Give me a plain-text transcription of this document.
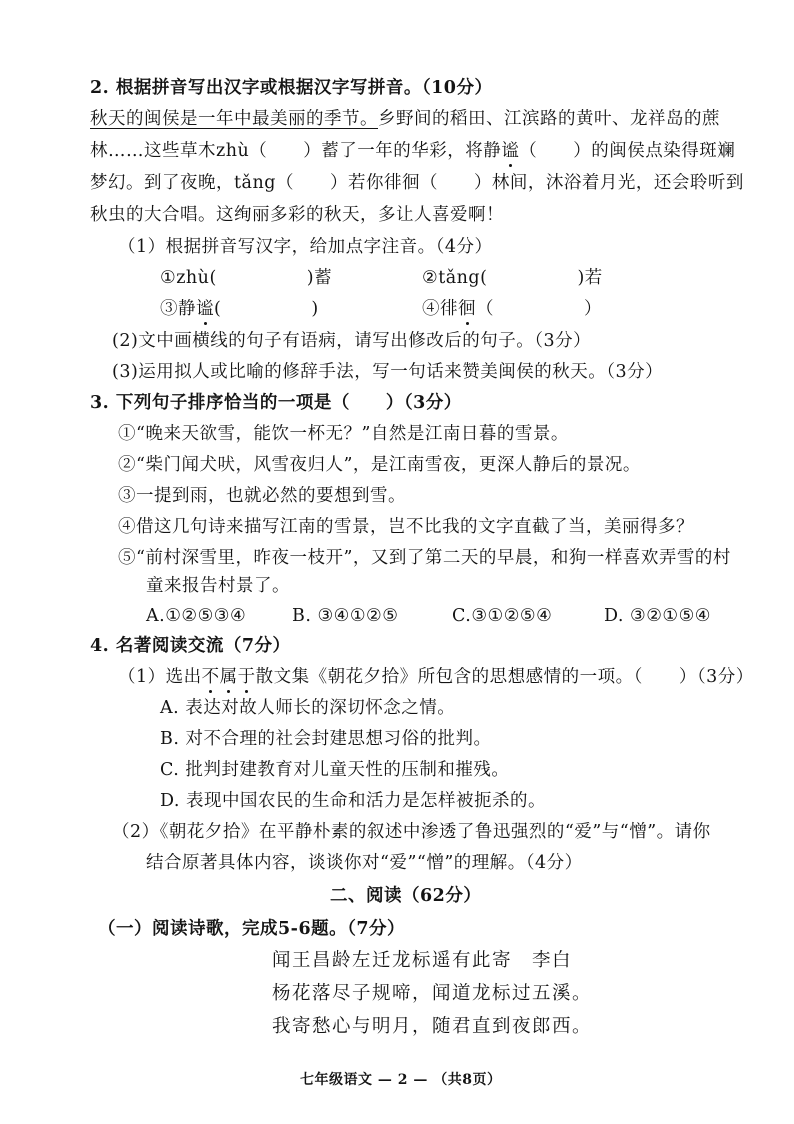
2. 根据拼音写出汉字或根据汉字写拼音。（10分）
秋天的闽侯是一年中最美丽的季节。乡野间的稻田、江滨路的黄叶、龙祥岛的蔗
林……这些草木zhù（　　）蓄了一年的华彩，将静谧（　　）的闽侯点染得斑斓
梦幻。到了夜晚，tǎng（　　）若你徘徊（　　）林间，沐浴着月光，还会聆听到
秋虫的大合唱。这绚丽多彩的秋天，多让人喜爱啊！
（1）根据拼音写汉字，给加点字注音。（4分）
①zhù(　　　　　)蓄	②tǎng(　　　　　)若
③静谧(　　　　　)	④徘徊（　　　　　）
(2)文中画横线的句子有语病，请写出修改后的句子。（3分）
(3)运用拟人或比喻的修辞手法，写一句话来赞美闽侯的秋天。（3分）
3. 下列句子排序恰当的一项是（　　）（3分）
①“晚来天欲雪，能饮一杯无？”自然是江南日暮的雪景。
②“柴门闻犬吠，风雪夜归人”，是江南雪夜，更深人静后的景况。
③一提到雨，也就必然的要想到雪。
④借这几句诗来描写江南的雪景，岂不比我的文字直截了当，美丽得多？
⑤“前村深雪里，昨夜一枝开”，又到了第二天的早晨，和狗一样喜欢弄雪的村
童来报告村景了。
A.①②⑤③④	B. ③④①②⑤	C.③①②⑤④	D. ③②①⑤④
4. 名著阅读交流（7分）
（1）选出不属于散文集《朝花夕拾》所包含的思想感情的一项。（　　）（3分）
A. 表达对故人师长的深切怀念之情。
B. 对不合理的社会封建思想习俗的批判。
C. 批判封建教育对儿童天性的压制和摧残。
D. 表现中国农民的生命和活力是怎样被扼杀的。
（2）《朝花夕拾》在平静朴素的叙述中渗透了鲁迅强烈的“爱”与“憎”。请你
结合原著具体内容，谈谈你对“爱”“憎”的理解。（4分）
二、阅读（62分）
（一）阅读诗歌，完成5-6题。（7分）
闻王昌龄左迁龙标遥有此寄　李白
杨花落尽子规啼，闻道龙标过五溪。
我寄愁心与明月，随君直到夜郎西。
七年级语文 — 2 — （共8页）
